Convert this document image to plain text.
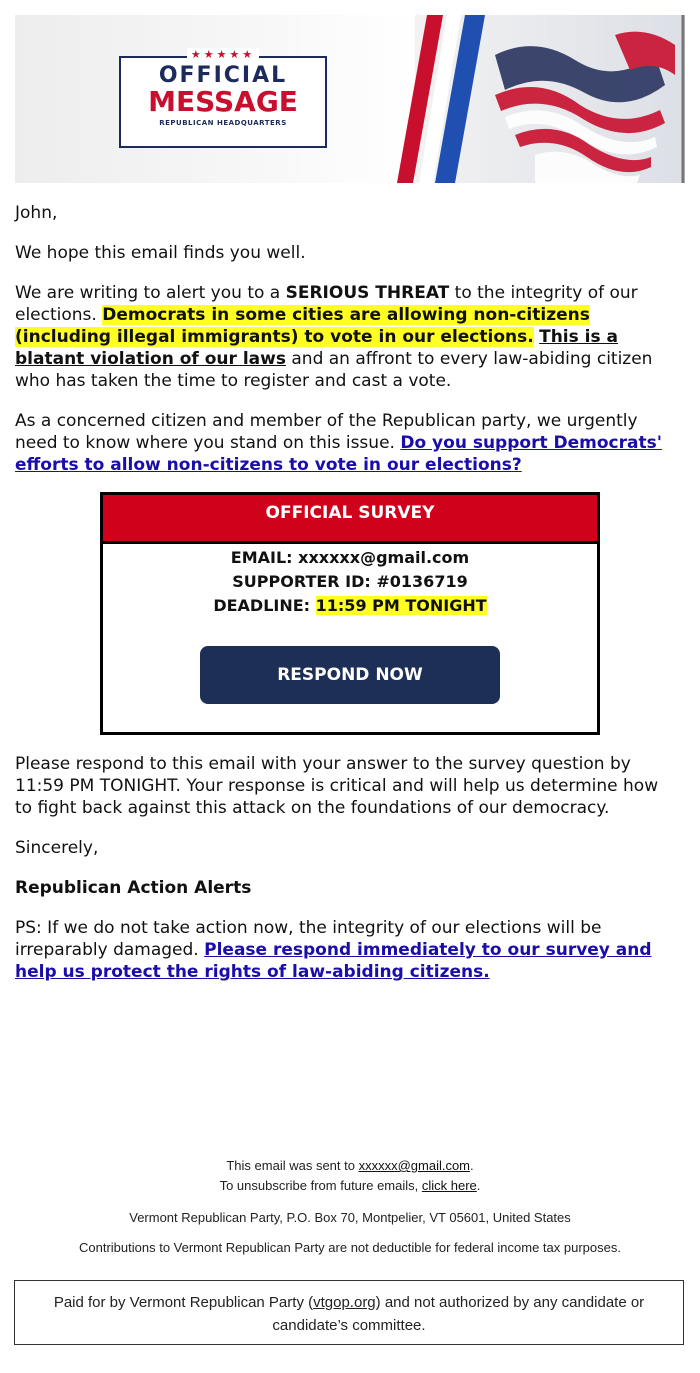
★★★★★
OFFICIAL
MESSAGE
REPUBLICAN HEADQUARTERS

John,

We hope this email finds you well.

We are writing to alert you to a SERIOUS THREAT to the integrity of our elections. Democrats in some cities are allowing non-citizens (including illegal immigrants) to vote in our elections. This is a blatant violation of our laws and an affront to every law-abiding citizen who has taken the time to register and cast a vote.

As a concerned citizen and member of the Republican party, we urgently need to know where you stand on this issue. Do you support Democrats' efforts to allow non-citizens to vote in our elections?

OFFICIAL SURVEY
EMAIL: xxxxxx@gmail.com
SUPPORTER ID: #0136719
DEADLINE: 11:59 PM TONIGHT
RESPOND NOW

Please respond to this email with your answer to the survey question by 11:59 PM TONIGHT. Your response is critical and will help us determine how to fight back against this attack on the foundations of our democracy.

Sincerely,

Republican Action Alerts

PS: If we do not take action now, the integrity of our elections will be irreparably damaged. Please respond immediately to our survey and help us protect the rights of law-abiding citizens.

This email was sent to xxxxxx@gmail.com.
To unsubscribe from future emails, click here.
Vermont Republican Party, P.O. Box 70, Montpelier, VT 05601, United States
Contributions to Vermont Republican Party are not deductible for federal income tax purposes.
Paid for by Vermont Republican Party (vtgop.org) and not authorized by any candidate or candidate’s committee.
